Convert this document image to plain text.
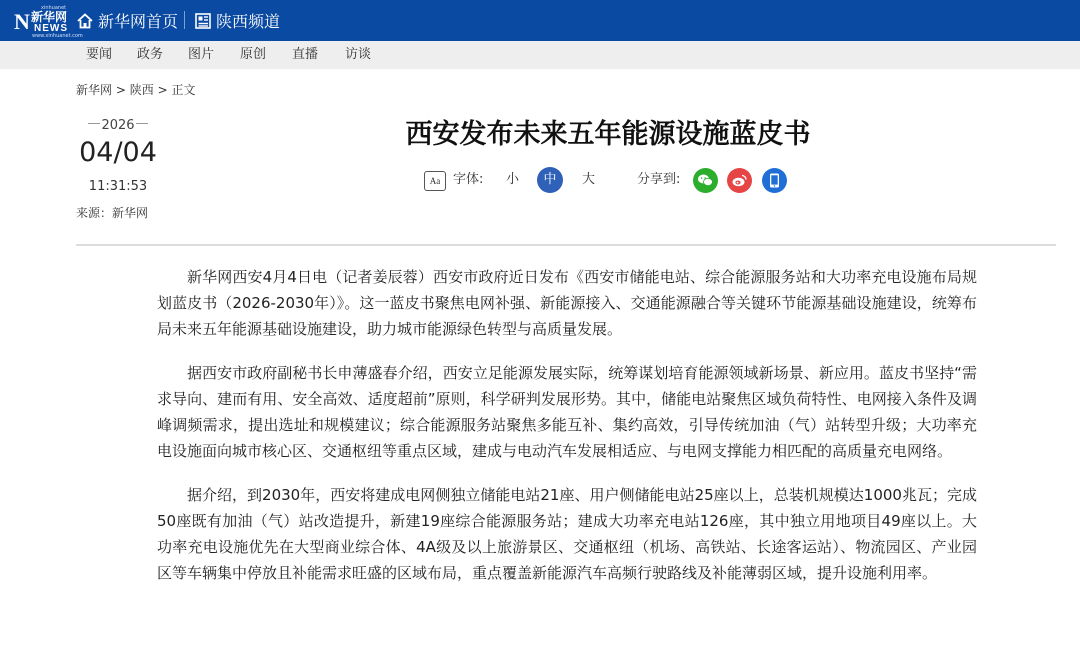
xinhuanet
N 新华网
NEWS
www.xinhuanet.com
新华网首页 陕西频道
要闻 政务 图片 原创 直播 访谈
新华网 > 陕西 > 正文
2026
04/04
11:31:53
来源：新华网
西安发布未来五年能源设施蓝皮书
Aa 字体: 小	中	大	分享到:

新华网西安4月4日电（记者姜辰蓉）西安市政府近日发布《西安市储能电站、综合能源服务站和大功率充电设施布局规划蓝皮书（2026-2030年）》。这一蓝皮书聚焦电网补强、新能源接入、交通能源融合等关键环节能源基础设施建设，统筹布局未来五年能源基础设施建设，助力城市能源绿色转型与高质量发展。

据西安市政府副秘书长申薄盛春介绍，西安立足能源发展实际，统筹谋划培育能源领域新场景、新应用。蓝皮书坚持“需求导向、建而有用、安全高效、适度超前”原则，科学研判发展形势。其中，储能电站聚焦区域负荷特性、电网接入条件及调峰调频需求，提出选址和规模建议；综合能源服务站聚焦多能互补、集约高效，引导传统加油（气）站转型升级；大功率充电设施面向城市核心区、交通枢纽等重点区域，建成与电动汽车发展相适应、与电网支撑能力相匹配的高质量充电网络。

据介绍，到2030年，西安将建成电网侧独立储能电站21座、用户侧储能电站25座以上，总装机规模达1000兆瓦；完成50座既有加油（气）站改造提升，新建19座综合能源服务站；建成大功率充电站126座，其中独立用地项目49座以上。大功率充电设施优先在大型商业综合体、4A级及以上旅游景区、交通枢纽（机场、高铁站、长途客运站）、物流园区、产业园区等车辆集中停放且补能需求旺盛的区域布局，重点覆盖新能源汽车高频行驶路线及补能薄弱区域，提升设施利用率。
